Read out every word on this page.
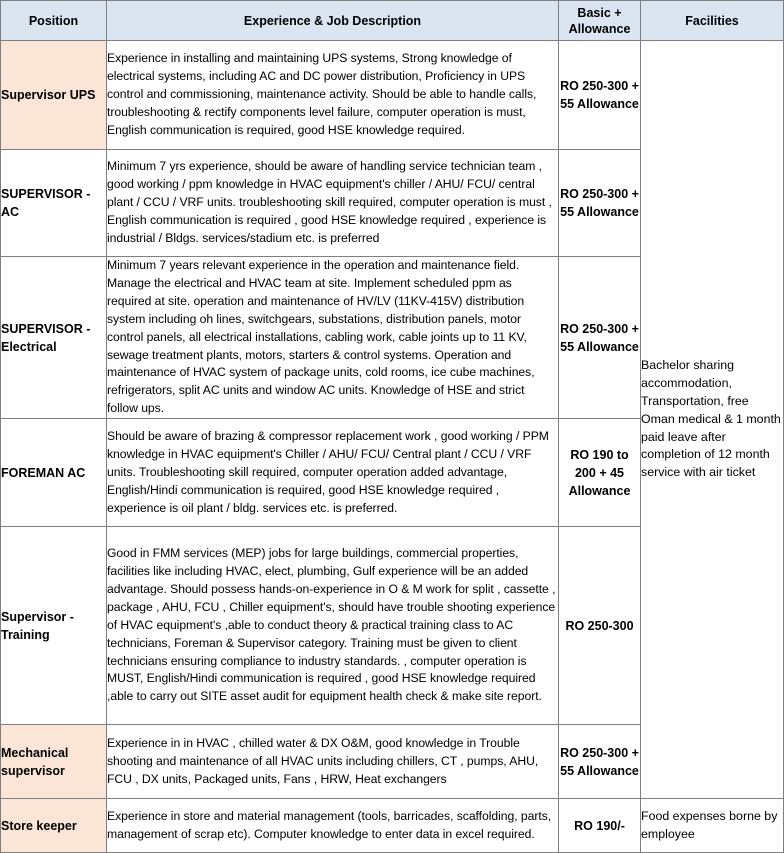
Position	Experience & Job Description	Basic + Allowance	Facilities
Supervisor UPS	Experience in installing and maintaining UPS systems, Strong knowledge of electrical systems, including AC and DC power distribution, Proficiency in UPS control and commissioning, maintenance activity. Should be able to handle calls, troubleshooting & rectify components level failure, computer operation is must, English communication is required, good HSE knowledge required.	RO 250-300 + 55 Allowance	Bachelor sharing accommodation, Transportation, free Oman medical & 1 month paid leave after completion of 12 month service with air ticket
SUPERVISOR - AC	Minimum 7 yrs experience, should be aware of handling service technician team , good working / ppm knowledge in HVAC equipment's chiller / AHU/ FCU/ central plant / CCU / VRF units. troubleshooting skill required, computer operation is must , English communication is required , good HSE knowledge required , experience is industrial / Bldgs. services/stadium etc. is preferred	RO 250-300 + 55 Allowance	
SUPERVISOR - Electrical	Minimum 7 years relevant experience in the operation and maintenance field. Manage the electrical and HVAC team at site. Implement scheduled ppm as required at site. operation and maintenance of HV/LV (11KV-415V) distribution system including oh lines, switchgears, substations, distribution panels, motor control panels, all electrical installations, cabling work, cable joints up to 11 KV, sewage treatment plants, motors, starters & control systems. Operation and maintenance of HVAC system of package units, cold rooms, ice cube machines, refrigerators, split AC units and window AC units. Knowledge of HSE and strict follow ups.	RO 250-300 + 55 Allowance	
FOREMAN AC	Should be aware of brazing & compressor replacement work , good working / PPM knowledge in HVAC equipment's Chiller / AHU/ FCU/ Central plant / CCU / VRF units. Troubleshooting skill required, computer operation added advantage, English/Hindi communication is required, good HSE knowledge required , experience is oil plant / bldg. services etc. is preferred.	RO 190 to 200 + 45 Allowance	
Supervisor - Training	Good in FMM services (MEP) jobs for large buildings, commercial properties, facilities like including HVAC, elect, plumbing, Gulf experience will be an added advantage. Should possess hands-on-experience in O & M work for split , cassette , package , AHU, FCU , Chiller equipment's, should have trouble shooting experience of HVAC equipment's ,able to conduct theory & practical training class to AC technicians, Foreman & Supervisor category. Training must be given to client technicians ensuring compliance to industry standards. , computer operation is MUST, English/Hindi communication is required , good HSE knowledge required ,able to carry out SITE asset audit for equipment health check & make site report.	RO 250-300	
Mechanical supervisor	Experience in in HVAC , chilled water & DX O&M, good knowledge in Trouble shooting and maintenance of all HVAC units including chillers, CT , pumps, AHU, FCU , DX units, Packaged units, Fans , HRW, Heat exchangers	RO 250-300 + 55 Allowance	
Store keeper	Experience in store and material management (tools, barricades, scaffolding, parts, management of scrap etc). Computer knowledge to enter data in excel required.	RO 190/-	Food expenses borne by employee
